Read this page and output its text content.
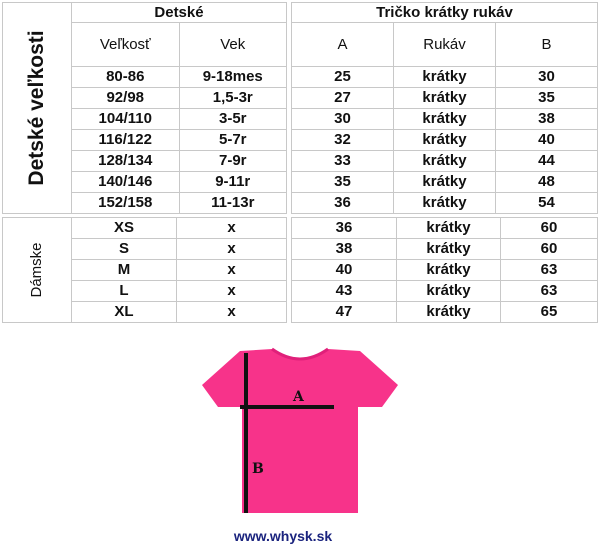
Detské veľkosti	Detské	
	Veľkosť	Vek
	80-86	9-18mes
	92/98	1,5-3r
	104/110	3-5r
	116/122	5-7r
	128/134	7-9r
	140/146	9-11r
	152/158	11-13r
Tričko krátky rukáv		
A	Rukáv	B
25	krátky	30
27	krátky	35
30	krátky	38
32	krátky	40
33	krátky	44
35	krátky	48
36	krátky	54
Dámske	XS	x
	S	x
	M	x
	L	x
	XL	x
36	krátky	60
38	krátky	60
40	krátky	63
43	krátky	63
47	krátky	65
A
B
www.whysk.sk
